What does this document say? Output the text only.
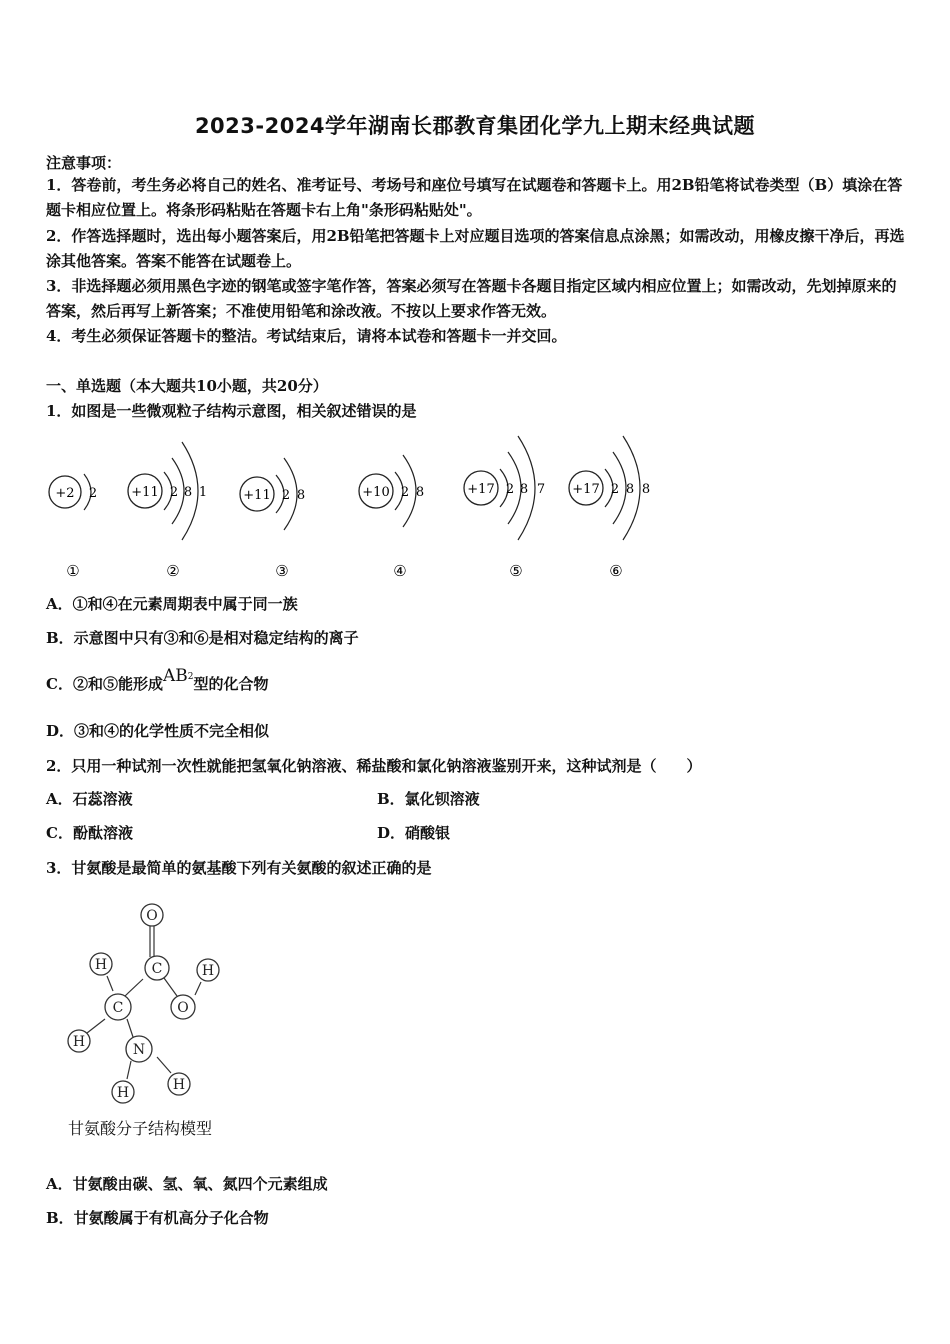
2023-2024学年湖南长郡教育集团化学九上期末经典试题
注意事项：
1．答卷前，考生务必将自己的姓名、准考证号、考场号和座位号填写在试题卷和答题卡上。用2B铅笔将试卷类型（B）填涂在答题卡相应位置上。将条形码粘贴在答题卡右上角"条形码粘贴处"。
2．作答选择题时，选出每小题答案后，用2B铅笔把答题卡上对应题目选项的答案信息点涂黑；如需改动，用橡皮擦干净后，再选涂其他答案。答案不能答在试题卷上。
3．非选择题必须用黑色字迹的钢笔或签字笔作答，答案必须写在答题卡各题目指定区域内相应位置上；如需改动，先划掉原来的答案，然后再写上新答案；不准使用铅笔和涂改液。不按以上要求作答无效。
4．考生必须保证答题卡的整洁。考试结束后，请将本试卷和答题卡一并交回。
一、单选题（本大题共10小题，共20分）
1．如图是一些微观粒子结构示意图，相关叙述错误的是
+2 2
①
+11 2 8 1
②
+11 2 8
③
+10 2 8
④
+17 2 8 7
⑤
+17 2 8 8
⑥
A．①和④在元素周期表中属于同一族
B．示意图中只有③和⑥是相对稳定结构的离子
C．②和⑤能形成AB2型的化合物
D．③和④的化学性质不完全相似
2．只用一种试剂一次性就能把氢氧化钠溶液、稀盐酸和氯化钠溶液鉴别开来，这种试剂是（　　）
A．石蕊溶液	B．氯化钡溶液
C．酚酞溶液	D．硝酸银
3．甘氨酸是最简单的氨基酸下列有关氨酸的叙述正确的是
O
C
H	H
C	O
H	N
H	H
甘氨酸分子结构模型
A．甘氨酸由碳、氢、氧、氮四个元素组成
B．甘氨酸属于有机高分子化合物
